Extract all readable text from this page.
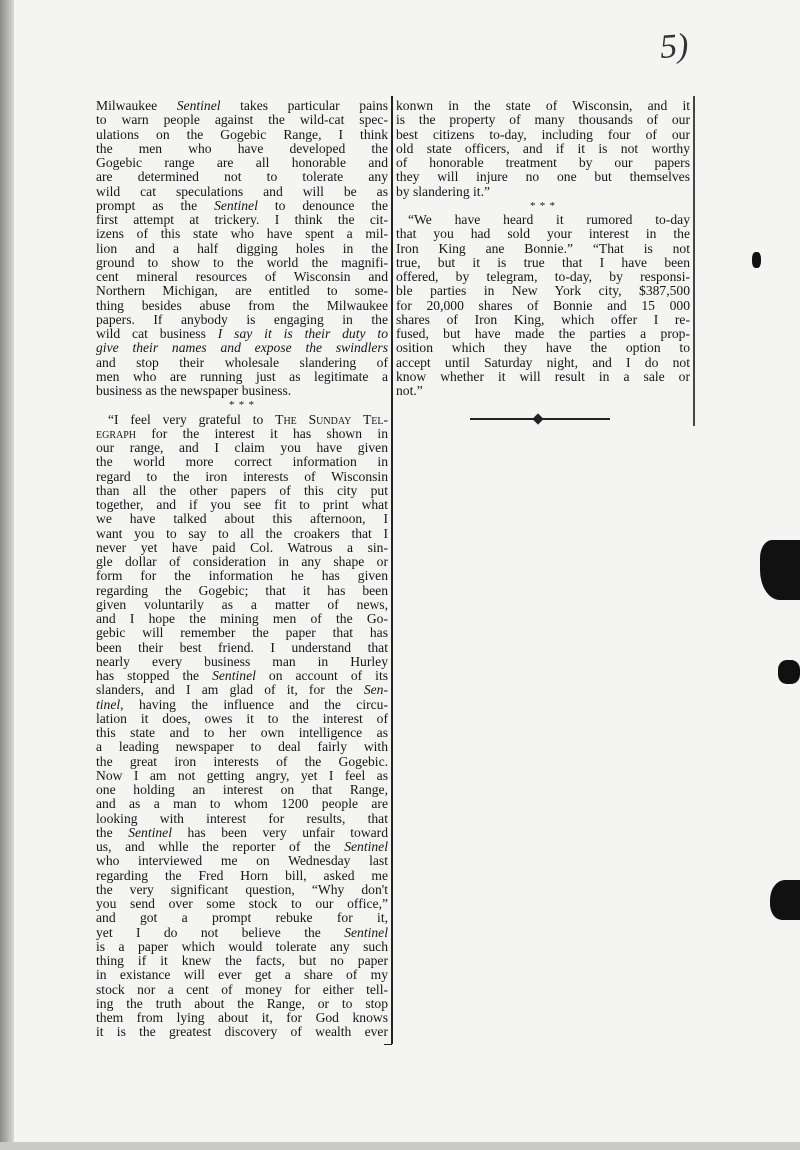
5)
Milwaukee Sentinel takes particular pains
to warn people against the wild-cat spec-
ulations on the Gogebic Range, I think
the men who have developed the
Gogebic range are all honorable and
are determined not to tolerate any
wild cat speculations and will be as
prompt as the Sentinel to denounce the
first attempt at trickery. I think the cit-
izens of this state who have spent a mil-
lion and a half digging holes in the
ground to show to the world the magnifi-
cent mineral resources of Wisconsin and
Northern Michigan, are entitled to some-
thing besides abuse from the Milwaukee
papers. If anybody is engaging in the
wild cat business I say it is their duty to
give their names and expose the swindlers
and stop their wholesale slandering of
men who are running just as legitimate a
business as the newspaper business.
* * *
“I feel very grateful to The Sunday Tel-
egraph for the interest it has shown in
our range, and I claim you have given
the world more correct information in
regard to the iron interests of Wisconsin
than all the other papers of this city put
together, and if you see fit to print what
we have talked about this afternoon, I
want you to say to all the croakers that I
never yet have paid Col. Watrous a sin-
gle dollar of consideration in any shape or
form for the information he has given
regarding the Gogebic; that it has been
given voluntarily as a matter of news,
and I hope the mining men of the Go-
gebic will remember the paper that has
been their best friend. I understand that
nearly every business man in Hurley
has stopped the Sentinel on account of its
slanders, and I am glad of it, for the Sen-
tinel, having the influence and the circu-
lation it does, owes it to the interest of
this state and to her own intelligence as
a leading newspaper to deal fairly with
the great iron interests of the Gogebic.
Now I am not getting angry, yet I feel as
one holding an interest on that Range,
and as a man to whom 1200 people are
looking with interest for results, that
the Sentinel has been very unfair toward
us, and whlle the reporter of the Sentinel
who interviewed me on Wednesday last
regarding the Fred Horn bill, asked me
the very significant question, “Why don't
you send over some stock to our office,”
and got a prompt rebuke for it,
yet I do not believe the Sentinel
is a paper which would tolerate any such
thing if it knew the facts, but no paper
in existance will ever get a share of my
stock nor a cent of money for either tell-
ing the truth about the Range, or to stop
them from lying about it, for God knows
it is the greatest discovery of wealth ever
konwn in the state of Wisconsin, and it
is the property of many thousands of our
best citizens to-day, including four of our
old state officers, and if it is not worthy
of honorable treatment by our papers
they will injure no one but themselves
by slandering it.”
* * *
“We have heard it rumored to-day
that you had sold your interest in the
Iron King ane Bonnie.” “That is not
true, but it is true that I have been
offered, by telegram, to-day, by responsi-
ble parties in New York city, $387,500
for 20,000 shares of Bonnie and 15 000
shares of Iron King, which offer I re-
fused, but have made the parties a prop-
osition which they have the option to
accept until Saturday night, and I do not
know whether it will result in a sale or
not.”
